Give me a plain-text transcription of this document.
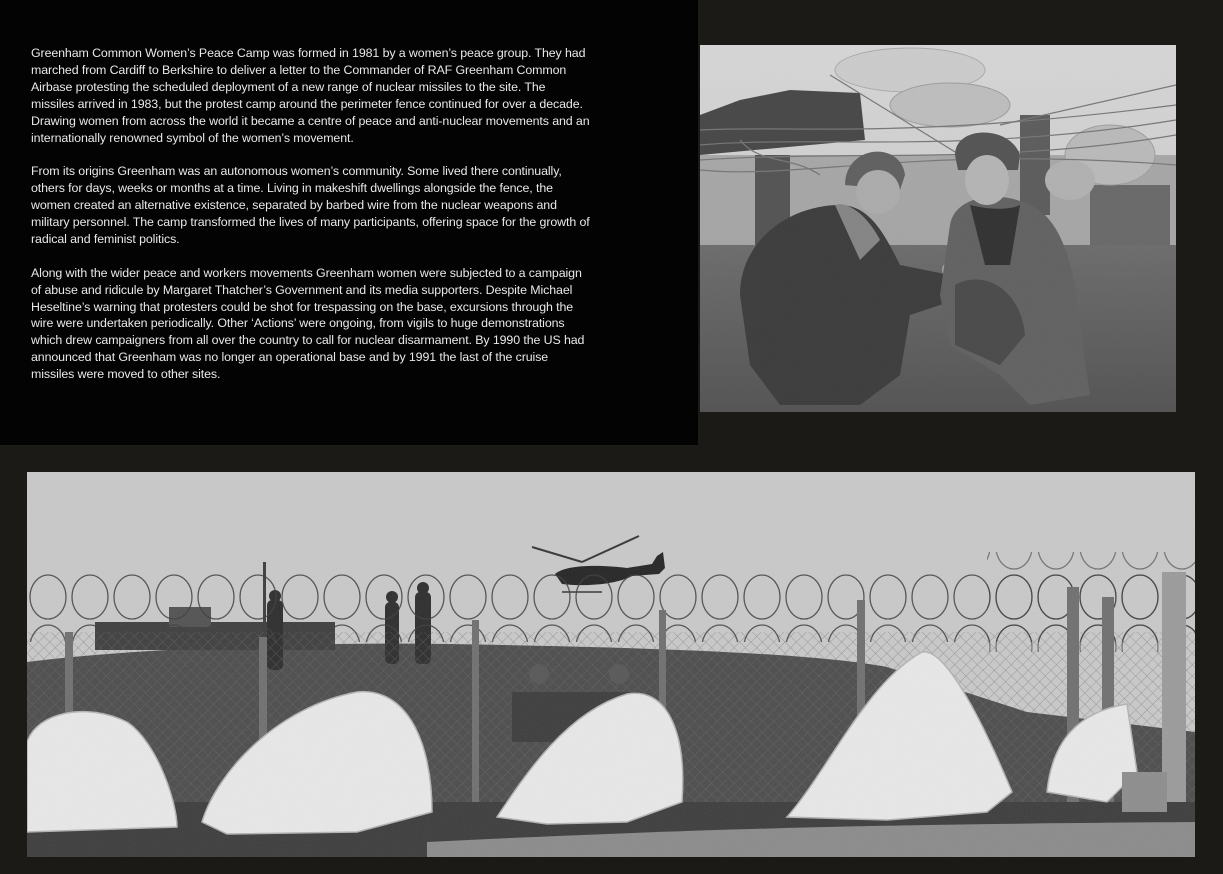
Greenham Common Women’s Peace Camp was formed in 1981 by a women’s peace group. They had marched from Cardiff to Berkshire to deliver a letter to the Commander of RAF Greenham Common Airbase protesting the scheduled deployment of a new range of nuclear missiles to the site. The missiles arrived in 1983, but the protest camp around the perimeter fence continued for over a decade. Drawing women from across the world it became a centre of peace and anti-nuclear movements and an internationally renowned symbol of the women’s movement.

From its origins Greenham was an autonomous women’s community. Some lived there continually, others for days, weeks or months at a time. Living in makeshift dwellings alongside the fence, the women created an alternative existence, separated by barbed wire from the nuclear weapons and military personnel. The camp transformed the lives of many participants, offering space for the growth of radical and feminist politics.

Along with the wider peace and workers movements Greenham women were subjected to a campaign of abuse and ridicule by Margaret Thatcher’s Government and its media supporters. Despite Michael Heseltine’s warning that protesters could be shot for trespassing on the base, excursions through the wire were undertaken periodically. Other ‘Actions’ were ongoing, from vigils to huge demonstrations which drew campaigners from all over the country to call for nuclear disarmament. By 1990 the US had announced that Greenham was no longer an operational base and by 1991 the last of the cruise missiles were moved to other sites.
